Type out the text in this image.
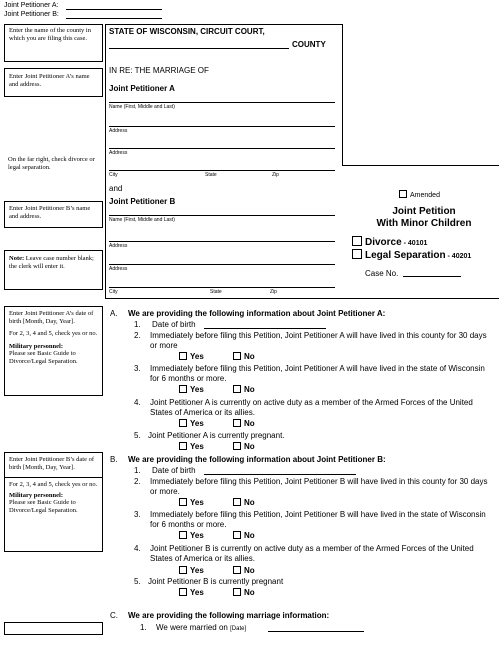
Joint Petitioner A:
Joint Petitioner B:
Enter the name of the county in which you are filing this case.
Enter Joint Petitioner A’s name and address.
On the far right, check divorce or legal separation.
Enter Joint Petitioner B’s name and address.
Note: Leave case number blank; the clerk will enter it.
STATE OF WISCONSIN, CIRCUIT COURT,
COUNTY
IN RE: THE MARRIAGE OF
Joint Petitioner A
Name (First, Middle and Last)
Address
Address
City	State	Zip
and
Joint Petitioner B
Name (First, Middle and Last)
Address
Address
City	State	Zip
Amended
Joint Petition
With Minor Children
Divorce - 40101
Legal Separation - 40201
Case No.
Enter Joint Petitioner A’s date of birth [Month, Day, Year].
For 2, 3, 4 and 5, check yes or no.
Military personnel:
Please see Basic Guide to Divorce/Legal Separation.
A. We are providing the following information about Joint Petitioner A:
1. Date of birth
2. Immediately before filing this Petition, Joint Petitioner A will have lived in this county for 30 days or more
Yes	No
3. Immediately before filing this Petition, Joint Petitioner A will have lived in the state of Wisconsin for 6 months or more.
Yes	No
4. Joint Petitioner A is currently on active duty as a member of the Armed Forces of the United States of America or its allies.
Yes	No
5. Joint Petitioner A is currently pregnant.
Yes	No
Enter Joint Petitioner B’s date of birth [Month, Day, Year].
For 2, 3, 4 and 5, check yes or no.
Military personnel:
Please see Basic Guide to Divorce/Legal Separation.
B. We are providing the following information about Joint Petitioner B:
1. Date of birth
2. Immediately before filing this Petition, Joint Petitioner B will have lived in this county for 30 days or more.
Yes	No
3. Immediately before filing this Petition, Joint Petitioner B will have lived in the state of Wisconsin for 6 months or more.
Yes	No
4. Joint Petitioner B is currently on active duty as a member of the Armed Forces of the United States of America or its allies.
Yes	No
5. Joint Petitioner B is currently pregnant
Yes	No
C. We are providing the following marriage information:
1. We were married on [Date]
